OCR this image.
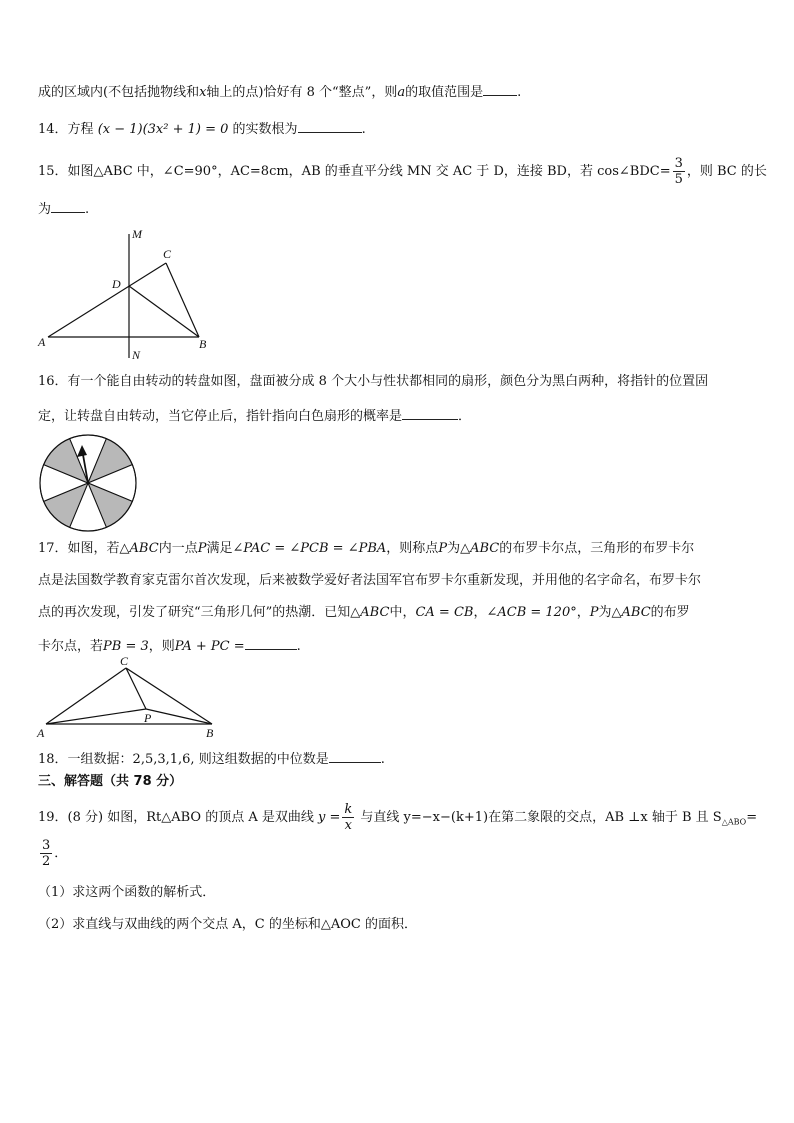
成的区域内(不包括抛物线和x轴上的点)恰好有 8 个“整点”，则a的取值范围是	.
14．方程 (x − 1)(3x² + 1) = 0 的实数根为	.
15．如图△ABC 中，∠C=90°，AC=8cm，AB 的垂直平分线 MN 交 AC 于 D，连接 BD，若 cos∠BDC= $\frac{3}{5}$ ，则 BC 的长
为	.
M
C
D
A	B
N
16．有一个能自由转动的转盘如图，盘面被分成 8 个大小与性状都相同的扇形，颜色分为黑白两种，将指针的位置固
定，让转盘自由转动，当它停止后，指针指向白色扇形的概率是	．
17．如图，若△ABC内一点P满足∠PAC = ∠PCB = ∠PBA，则称点P为△ABC的布罗卡尔点，三角形的布罗卡尔
点是法国数学教育家克雷尔首次发现，后来被数学爱好者法国军官布罗卡尔重新发现，并用他的名字命名，布罗卡尔
点的再次发现，引发了研究“三角形几何”的热潮．已知△ABC中，CA = CB，∠ACB = 120°，P为△ABC的布罗
卡尔点，若PB = 3，则PA + PC =	.
C
P
A	B
18．一组数据：2,5,3,1,6, 则这组数据的中位数是	.
三、解答题（共 78 分）
19．(8 分) 如图，Rt△ABO 的顶点 A 是双曲线 $y = \frac{k}{x}$ 与直线 y=−x−(k+1)在第二象限的交点，AB ⊥x 轴于 B 且 $S_{\triangle ABO}=$
$\frac{3}{2}$ ．
（1）求这两个函数的解析式．
（2）求直线与双曲线的两个交点 A，C 的坐标和△AOC 的面积．
